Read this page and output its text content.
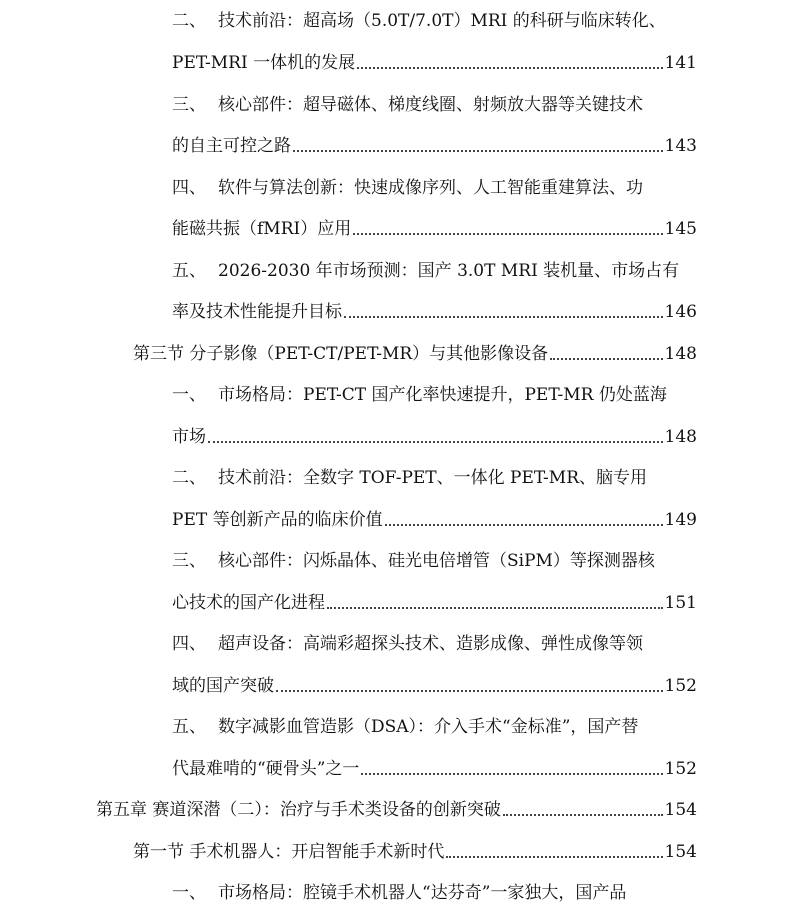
二、 技术前沿：超高场（5.0T/7.0T）MRI 的科研与临床转化、
PET-MRI 一体机的发展	141
三、 核心部件：超导磁体、梯度线圈、射频放大器等关键技术
的自主可控之路	143
四、 软件与算法创新：快速成像序列、人工智能重建算法、功
能磁共振（fMRI）应用	145
五、 2026-2030 年市场预测：国产 3.0T MRI 装机量、市场占有
率及技术性能提升目标	146
第三节 分子影像（PET-CT/PET-MR）与其他影像设备	148
一、 市场格局：PET-CT 国产化率快速提升，PET-MR 仍处蓝海
市场	148
二、 技术前沿：全数字 TOF-PET、一体化 PET-MR、脑专用
PET 等创新产品的临床价值	149
三、 核心部件：闪烁晶体、硅光电倍增管（SiPM）等探测器核
心技术的国产化进程	151
四、 超声设备：高端彩超探头技术、造影成像、弹性成像等领
域的国产突破	152
五、 数字减影血管造影（DSA）：介入手术“金标准”，国产替
代最难啃的“硬骨头”之一	152
第五章 赛道深潜（二）：治疗与手术类设备的创新突破	154
第一节 手术机器人：开启智能手术新时代	154
一、 市场格局：腔镜手术机器人“达芬奇”一家独大，国产品
